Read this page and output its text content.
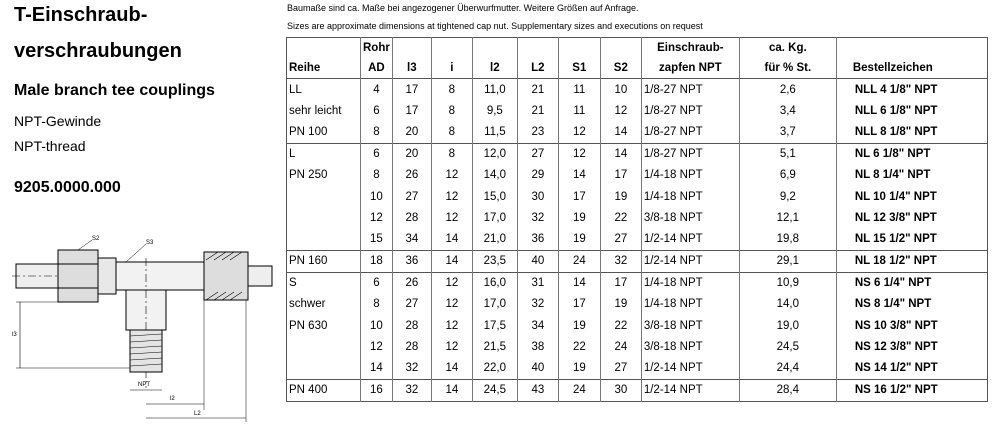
T-Einschraub-
verschraubungen
Male branch tee couplings
NPT-Gewinde
NPT-thread
9205.0000.000
S2
S3
l3
NPT
l2
L2
Baumaße sind ca. Maße bei angezogener Überwurfmutter. Weitere Größen auf Anfrage.
Sizes are approximate dimensions at tightened cap nut. Supplementary sizes and executions on request
	Rohr							Einschraub-	ca. Kg.	
Reihe	AD	l3	i	l2	L2	S1	S2	zapfen NPT	für % St.	Bestellzeichen
LL	4	17	8	11,0	21	11	10	1/8-27 NPT	2,6	NLL 4 1/8" NPT
sehr leicht	6	17	8	9,5	21	11	12	1/8-27 NPT	3,4	NLL 6 1/8" NPT
PN 100	8	20	8	11,5	23	12	14	1/8-27 NPT	3,7	NLL 8 1/8" NPT
L	6	20	8	12,0	27	12	14	1/8-27 NPT	5,1	NL 6 1/8" NPT
PN 250	8	26	12	14,0	29	14	17	1/4-18 NPT	6,9	NL 8 1/4" NPT
	10	27	12	15,0	30	17	19	1/4-18 NPT	9,2	NL 10 1/4" NPT
	12	28	12	17,0	32	19	22	3/8-18 NPT	12,1	NL 12 3/8" NPT
	15	34	14	21,0	36	19	27	1/2-14 NPT	19,8	NL 15 1/2" NPT
PN 160	18	36	14	23,5	40	24	32	1/2-14 NPT	29,1	NL 18 1/2" NPT
S	6	26	12	16,0	31	14	17	1/4-18 NPT	10,9	NS 6 1/4" NPT
schwer	8	27	12	17,0	32	17	19	1/4-18 NPT	14,0	NS 8 1/4" NPT
PN 630	10	28	12	17,5	34	19	22	3/8-18 NPT	19,0	NS 10 3/8" NPT
	12	28	12	21,5	38	22	24	3/8-18 NPT	24,5	NS 12 3/8" NPT
	14	32	14	22,0	40	19	27	1/2-14 NPT	24,4	NS 14 1/2" NPT
PN 400	16	32	14	24,5	43	24	30	1/2-14 NPT	28,4	NS 16 1/2" NPT
